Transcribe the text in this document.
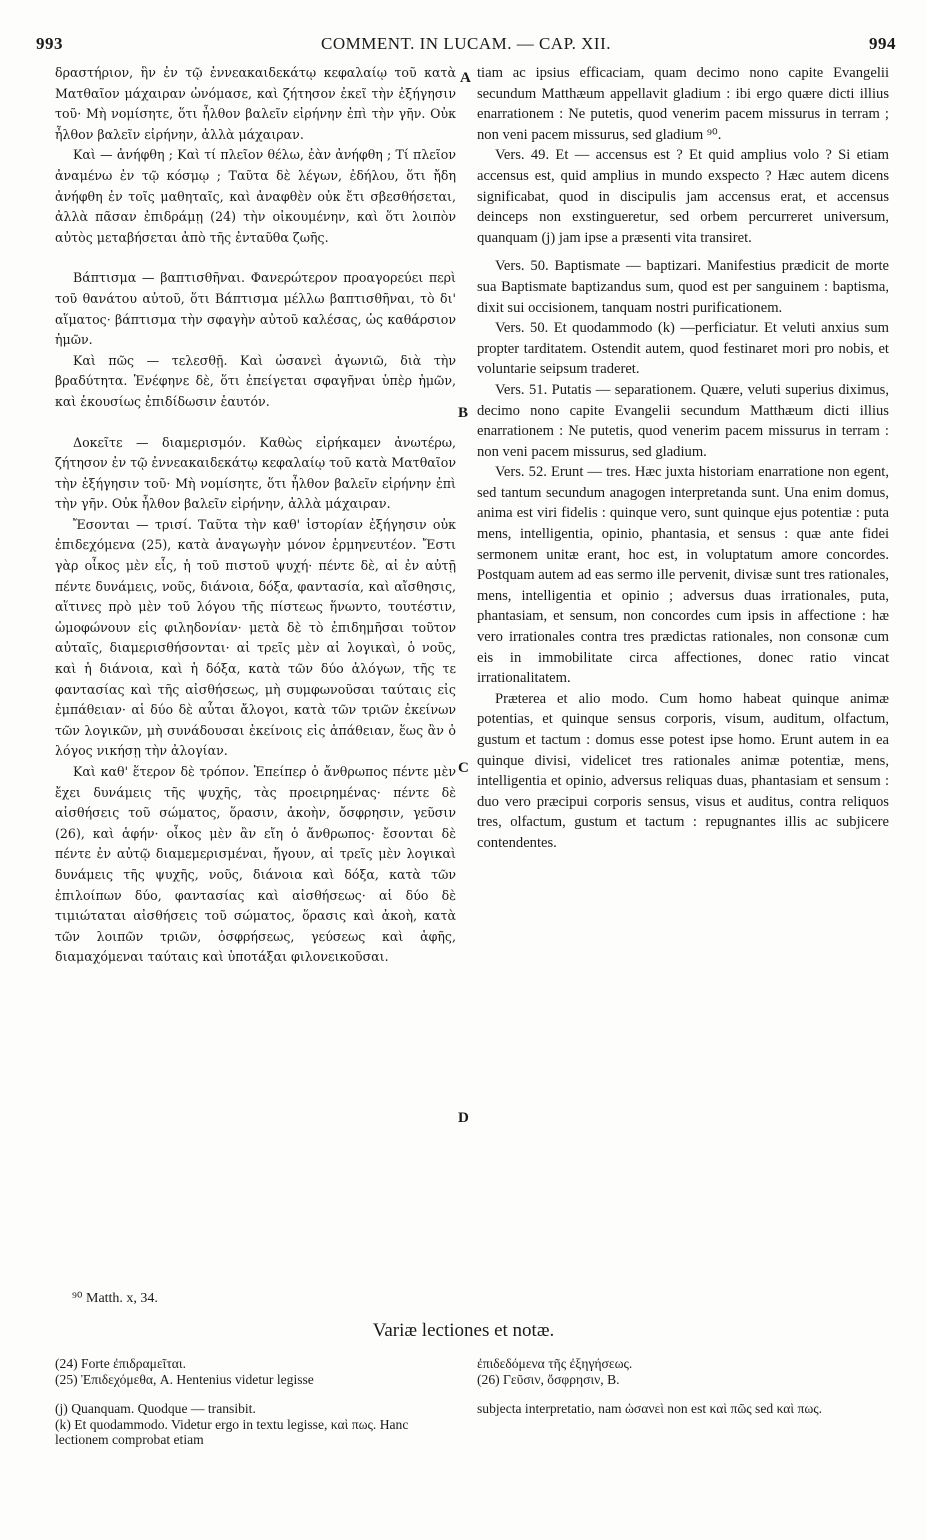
993	COMMENT. IN LUCAM. — CAP. XII.	994

δραστήριον, ἣν ἐν τῷ ἐννεακαιδεκάτῳ κεφαλαίῳ τοῦ κατὰ Ματθαῖον μάχαιραν ὠνόμασε, καὶ ζήτησον ἐκεῖ τὴν ἐξήγησιν τοῦ· Μὴ νομίσητε, ὅτι ἦλθον βαλεῖν εἰρήνην ἐπὶ τὴν γῆν. Οὐκ ἦλθον βαλεῖν εἰρήνην, ἀλλὰ μάχαιραν.

Καὶ — ἀνήφθη ; Καὶ τί πλεῖον θέλω, ἐὰν ἀνήφθη ; Τί πλεῖον ἀναμένω ἐν τῷ κόσμῳ ; Ταῦτα δὲ λέγων, ἐδήλου, ὅτι ἤδη ἀνήφθη ἐν τοῖς μαθηταῖς, καὶ ἀναφθὲν οὐκ ἔτι σβεσθήσεται, ἀλλὰ πᾶσαν ἐπιδράμῃ (24) τὴν οἰκουμένην, καὶ ὅτι λοιπὸν αὐτὸς μεταβήσεται ἀπὸ τῆς ἐνταῦθα ζωῆς.

Βάπτισμα — βαπτισθῆναι. Φανερώτερον προαγορεύει περὶ τοῦ θανάτου αὐτοῦ, ὅτι Βάπτισμα μέλλω βαπτισθῆναι, τὸ δι' αἵματος· βάπτισμα τὴν σφαγὴν αὐτοῦ καλέσας, ὡς καθάρσιον ἡμῶν.

Καὶ πῶς — τελεσθῇ. Καὶ ὡσανεὶ ἀγωνιῶ, διὰ τὴν βραδύτητα. Ἐνέφηνε δὲ, ὅτι ἐπείγεται σφαγῆναι ὑπὲρ ἡμῶν, καὶ ἑκουσίως ἐπιδίδωσιν ἑαυτόν.

Δοκεῖτε — διαμερισμόν. Καθὼς εἰρήκαμεν ἀνωτέρω, ζήτησον ἐν τῷ ἐννεακαιδεκάτῳ κεφαλαίῳ τοῦ κατὰ Ματθαῖον τὴν ἐξήγησιν τοῦ· Μὴ νομίσητε, ὅτι ἦλθον βαλεῖν εἰρήνην ἐπὶ τὴν γῆν. Οὐκ ἦλθον βαλεῖν εἰρήνην, ἀλλὰ μάχαιραν.

Ἔσονται — τρισί. Ταῦτα τὴν καθ' ἱστορίαν ἐξήγησιν οὐκ ἐπιδεχόμενα (25), κατὰ ἀναγωγὴν μόνον ἑρμηνευτέον. Ἔστι γὰρ οἶκος μὲν εἷς, ἡ τοῦ πιστοῦ ψυχή· πέντε δὲ, αἱ ἐν αὐτῇ πέντε δυνάμεις, νοῦς, διάνοια, δόξα, φαντασία, καὶ αἴσθησις, αἵτινες πρὸ μὲν τοῦ λόγου τῆς πίστεως ἥνωντο, τουτέστιν, ὡμοφώνουν εἰς φιληδονίαν· μετὰ δὲ τὸ ἐπιδημῆσαι τοῦτον αὐταῖς, διαμερισθήσονται· αἱ τρεῖς μὲν αἱ λογικαὶ, ὁ νοῦς, καὶ ἡ διάνοια, καὶ ἡ δόξα, κατὰ τῶν δύο ἀλόγων, τῆς τε φαντασίας καὶ τῆς αἰσθήσεως, μὴ συμφωνοῦσαι ταύταις εἰς ἐμπάθειαν· αἱ δύο δὲ αὗται ἄλογοι, κατὰ τῶν τριῶν ἐκείνων τῶν λογικῶν, μὴ συνάδουσαι ἐκείνοις εἰς ἀπάθειαν, ἕως ἂν ὁ λόγος νικήσῃ τὴν ἀλογίαν.

Καὶ καθ' ἕτερον δὲ τρόπον. Ἐπείπερ ὁ ἄνθρωπος πέντε μὲν ἔχει δυνάμεις τῆς ψυχῆς, τὰς προειρημένας· πέντε δὲ αἰσθήσεις τοῦ σώματος, ὅρασιν, ἀκοὴν, ὄσφρησιν, γεῦσιν (26), καὶ ἁφήν· οἶκος μὲν ἂν εἴη ὁ ἄνθρωπος· ἔσονται δὲ πέντε ἐν αὐτῷ διαμεμερισμέναι, ἤγουν, αἱ τρεῖς μὲν λογικαὶ δυνάμεις τῆς ψυχῆς, νοῦς, διάνοια καὶ δόξα, κατὰ τῶν ἐπιλοίπων δύο, φαντασίας καὶ αἰσθήσεως· αἱ δύο δὲ τιμιώταται αἰσθήσεις τοῦ σώματος, ὅρασις καὶ ἀκοὴ, κατὰ τῶν λοιπῶν τριῶν, ὀσφρήσεως, γεύσεως καὶ ἁφῆς, διαμαχόμεναι ταύταις καὶ ὑποτάξαι φιλονεικοῦσαι.

tiam ac ipsius efficaciam, quam decimo nono capite Evangelii secundum Matthæum appellavit gladium : ibi ergo quære dicti illius enarrationem : Ne putetis, quod venerim pacem missurus in terram ; non veni pacem missurus, sed gladium ⁹⁰.

Vers. 49. Et — accensus est ? Et quid amplius volo ? Si etiam accensus est, quid amplius in mundo exspecto ? Hæc autem dicens significabat, quod in discipulis jam accensus erat, et accensus deinceps non exstingueretur, sed orbem percurreret universum, quanquam (j) jam ipse a præsenti vita transiret.

Vers. 50. Baptismate — baptizari. Manifestius prædicit de morte sua Baptismate baptizandus sum, quod est per sanguinem : baptisma, dixit sui occisionem, tanquam nostri purificationem.

Vers. 50. Et quodammodo (k) —perficiatur. Et veluti anxius sum propter tarditatem. Ostendit autem, quod festinaret mori pro nobis, et voluntarie seipsum traderet.

Vers. 51. Putatis — separationem. Quære, veluti superius diximus, decimo nono capite Evangelii secundum Matthæum dicti illius enarrationem : Ne putetis, quod venerim pacem missurus in terram : non veni pacem missurus, sed gladium.

Vers. 52. Erunt — tres. Hæc juxta historiam enarratione non egent, sed tantum secundum anagogen interpretanda sunt. Una enim domus, anima est viri fidelis : quinque vero, sunt quinque ejus potentiæ : puta mens, intelligentia, opinio, phantasia, et sensus : quæ ante fidei sermonem unitæ erant, hoc est, in voluptatum amore concordes. Postquam autem ad eas sermo ille pervenit, divisæ sunt tres rationales, mens, intelligentia et opinio ; adversus duas irrationales, puta, phantasiam, et sensum, non concordes cum ipsis in affectione : hæ vero irrationales contra tres prædictas rationales, non consonæ cum eis in immobilitate circa affectiones, donec ratio vincat irrationalitatem.

Præterea et alio modo. Cum homo habeat quinque animæ potentias, et quinque sensus corporis, visum, auditum, olfactum, gustum et tactum : domus esse potest ipse homo. Erunt autem in ea quinque divisi, videlicet tres rationales animæ potentiæ, mens, intelligentia et opinio, adversus reliquas duas, phantasiam et sensum : duo vero præcipui corporis sensus, visus et auditus, contra reliquos tres, olfactum, gustum et tactum : repugnantes illis ac subjicere contendentes.

A
B
C
D
⁹⁰ Matth. x, 34.
Variæ lectiones et notæ.

(24) Forte ἐπιδραμεῖται.

(25) Ἐπιδεχόμεθα, A. Hentenius videtur legisse

(j) Quanquam. Quodque — transibit.

(k) Et quodammodo. Videtur ergo in textu legisse, καὶ πως. Hanc lectionem comprobat etiam

ἐπιδεδόμενα τῆς ἐξηγήσεως.

(26) Γεῦσιν, ὄσφρησιν, B.

subjecta interpretatio, nam ὡσανεὶ non est καὶ πῶς sed καὶ πως.
